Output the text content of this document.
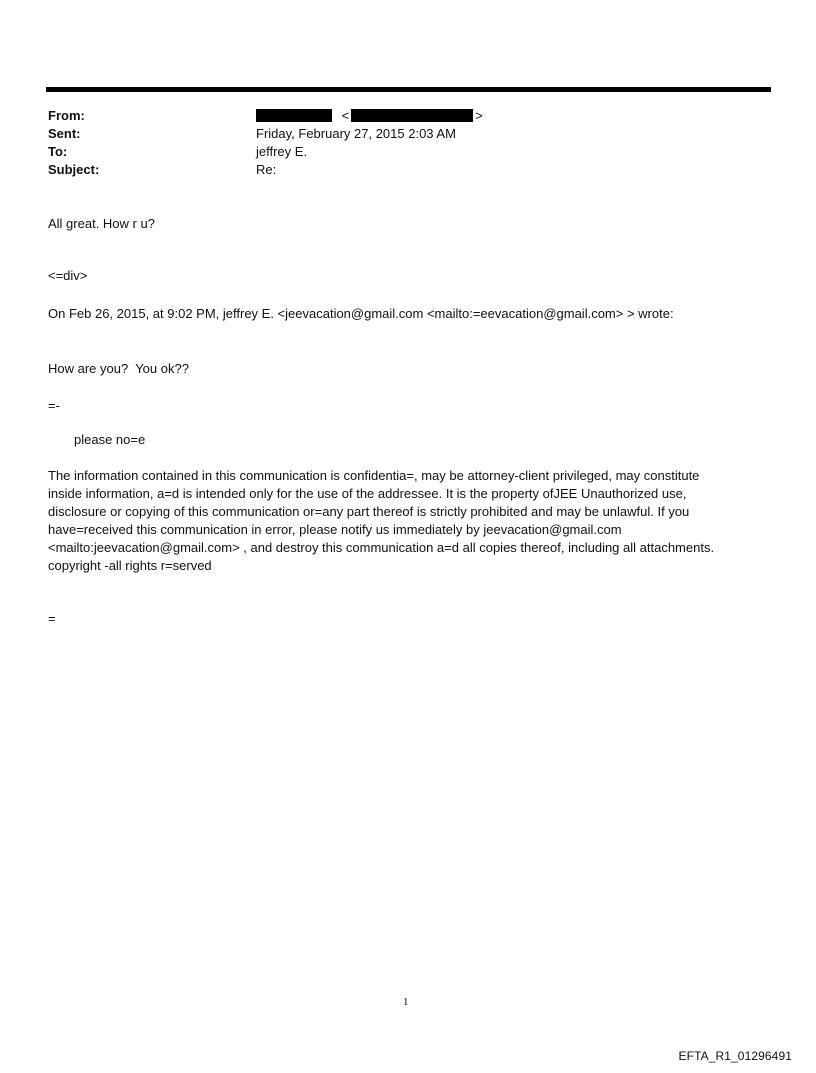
From:
Sent:
To:
Subject:
<	>
Friday, February 27, 2015 2:03 AM
jeffrey E.
Re:
All great. How r u?
<=div>
On Feb 26, 2015, at 9:02 PM, jeffrey E. <jeevacation@gmail.com <mailto:=eevacation@gmail.com> > wrote:
How are you?  You ok??
=-
please no=e

The information contained in this communication is confidentia=, may be attorney-client privileged, may constitute

inside information, a=d is intended only for the use of the addressee. It is the property ofJEE Unauthorized use,

disclosure or copying of this communication or=any part thereof is strictly prohibited and may be unlawful. If you

have=received this communication in error, please notify us immediately by jeevacation@gmail.com

<mailto:jeevacation@gmail.com> , and destroy this communication a=d all copies thereof, including all attachments.

copyright -all rights r=served

=
1
EFTA_R1_01296491
